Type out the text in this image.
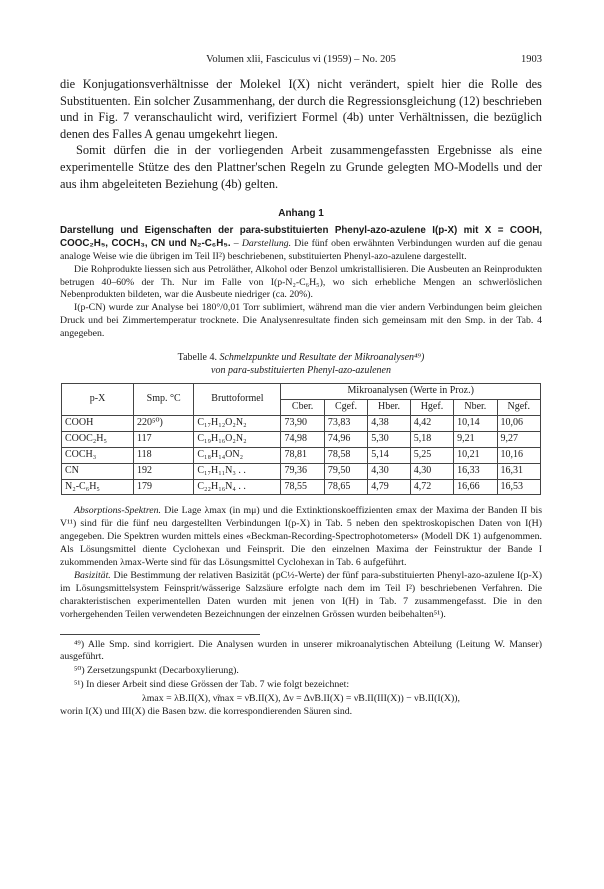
Volumen xlii, Fasciculus vi (1959) – No. 205	1903

die Konjugationsverhältnisse der Molekel I(X) nicht verändert, spielt hier die Rolle des Substituenten. Ein solcher Zusammenhang, der durch die Regressionsgleichung (12) beschrieben und in Fig. 7 veranschaulicht wird, verifiziert Formel (4b) unter Verhältnissen, die bezüglich denen des Falles A genau umgekehrt liegen.

Somit dürfen die in der vorliegenden Arbeit zusammengefassten Ergebnisse als eine experimentelle Stütze des den Plattner'schen Regeln zu Grunde gelegten MO-Modells und der aus ihm abgeleiteten Beziehung (4b) gelten.

Anhang 1

Darstellung und Eigenschaften der para-substituierten Phenyl-azo-azulene I(p-X) mit X = COOH, COOC₂H₅, COCH₃, CN und N₂-C₆H₅. – Darstellung. Die fünf oben erwähnten Verbindungen wurden auf die genau analoge Weise wie die übrigen im Teil II²) beschriebenen, substituierten Phenyl-azo-azulene dargestellt.

Die Rohprodukte liessen sich aus Petroläther, Alkohol oder Benzol umkristallisieren. Die Ausbeuten an Reinprodukten betrugen 40–60% der Th. Nur im Falle von I(p-N₂-C₆H₅), wo sich erhebliche Mengen an schwerlöslichen Nebenprodukten bildeten, war die Ausbeute niedriger (ca. 20%).

I(p-CN) wurde zur Analyse bei 180°/0,01 Torr sublimiert, während man die vier andern Verbindungen beim gleichen Druck und bei Zimmertemperatur trocknete. Die Analysenresultate finden sich gemeinsam mit den Smp. in der Tab. 4 angegeben.

Tabelle 4. Schmelzpunkte und Resultate der Mikroanalysen⁴⁹)
von para-substituierten Phenyl-azo-azulenen
p-X	Smp. °C	Bruttoformel	Mikroanalysen (Werte in Proz.)					
			Cber.	Cgef.	Hber.	Hgef.	Nber.	Ngef.
COOH	220⁵⁰)	C₁₇H₁₂O₂N₂	73,90	73,83	4,38	4,42	10,14	10,06
COOC₂H₅	117	C₁₉H₁₆O₂N₂	74,98	74,96	5,30	5,18	9,21	9,27
COCH₃	118	C₁₈H₁₄ON₂	78,81	78,58	5,14	5,25	10,21	10,16
CN	192	C₁₇H₁₁N₃ . .	79,36	79,50	4,30	4,30	16,33	16,31
N₂-C₆H₅	179	C₂₂H₁₆N₄ . .	78,55	78,65	4,79	4,72	16,66	16,53

Absorptions-Spektren. Die Lage λmax (in mμ) und die Extinktionskoeffizienten εmax der Maxima der Banden II bis V¹¹) sind für die fünf neu dargestellten Verbindungen I(p-X) in Tab. 5 neben den spektroskopischen Daten von I(H) angegeben. Die Spektren wurden mittels eines «Beckman-Recording-Spectrophotometers» (Modell DK 1) aufgenommen. Als Lösungsmittel diente Cyclohexan und Feinsprit. Die den einzelnen Maxima der Feinstruktur der Bande I zukommenden λmax-Werte sind für das Lösungsmittel Cyclohexan in Tab. 6 aufgeführt.

Basizität. Die Bestimmung der relativen Basizität (pC½-Werte) der fünf para-substituierten Phenyl-azo-azulene I(p-X) im Lösungsmittelsystem Feinsprit/wässerige Salzsäure erfolgte nach dem im Teil I²) beschriebenen Verfahren. Die charakteristischen experimentellen Daten wurden mit jenen von I(H) in Tab. 7 zusammengefasst. Die in den vorhergehenden Teilen verwendeten Bezeichnungen der einzelnen Grössen wurden beibehalten⁵¹).

⁴⁹) Alle Smp. sind korrigiert. Die Analysen wurden in unserer mikroanalytischen Abteilung (Leitung W. Manser) ausgeführt.

⁵⁰) Zersetzungspunkt (Decarboxylierung).

⁵¹) In dieser Arbeit sind diese Grössen der Tab. 7 wie folgt bezeichnet:

λmax = λB.II(X), ν̃max = ν̃B.II(X), Δν = Δν̃B.II(X) = ν̃B.II(III(X)) − νB.II(I(X)),

worin I(X) und III(X) die Basen bzw. die korrespondierenden Säuren sind.
